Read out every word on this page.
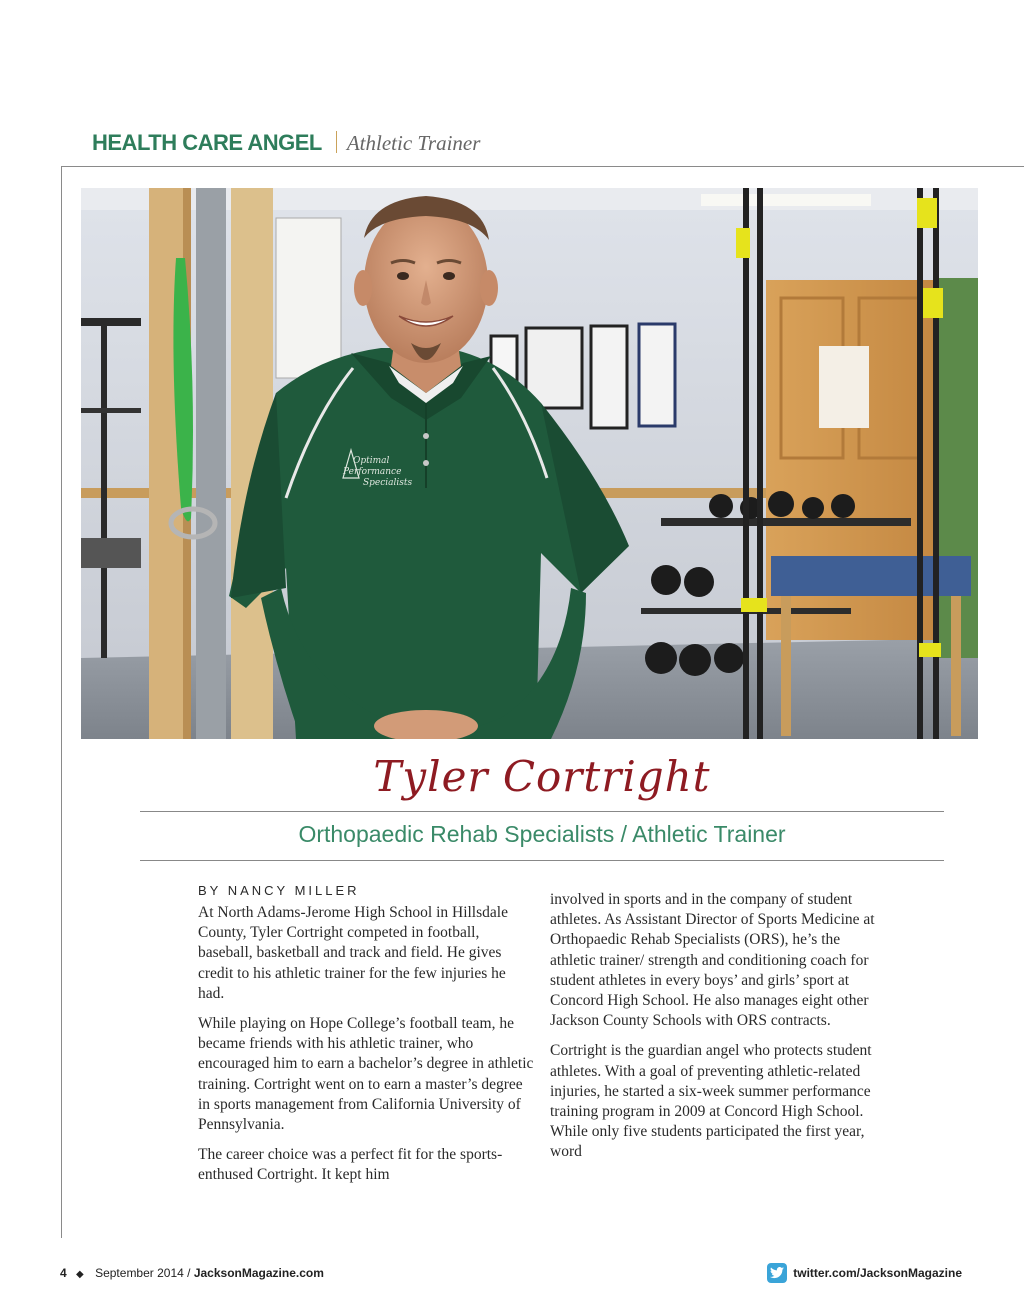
HEALTH CARE ANGEL Athletic Trainer
Optimal
Performance
Specialists
Tyler Cortright
Orthopaedic Rehab Specialists / Athletic Trainer
BY NANCY MILLER

At North Adams-Jerome High School in Hillsdale County, Tyler Cortright competed in football, baseball, basketball and track and field. He gives credit to his athletic trainer for the few injuries he had.

While playing on Hope College’s football team, he became friends with his athletic trainer, who encouraged him to earn a bachelor’s degree in athletic training. Cortright went on to earn a master’s degree in sports management from California University of Pennsylvania.

The career choice was a perfect fit for the sports-enthused Cortright. It kept him

involved in sports and in the company of student athletes. As Assistant Director of Sports Medicine at Orthopaedic Rehab Specialists (ORS), he’s the athletic trainer/ strength and conditioning coach for student athletes in every boys’ and girls’ sport at Concord High School. He also manages eight other Jackson County Schools with ORS contracts.

Cortright is the guardian angel who protects student athletes. With a goal of preventing athletic-related injuries, he started a six-week summer performance training program in 2009 at Concord High School. While only five students participated the first year, word

4 ◆ September 2014 / JacksonMagazine.com	twitter.com/JacksonMagazine
